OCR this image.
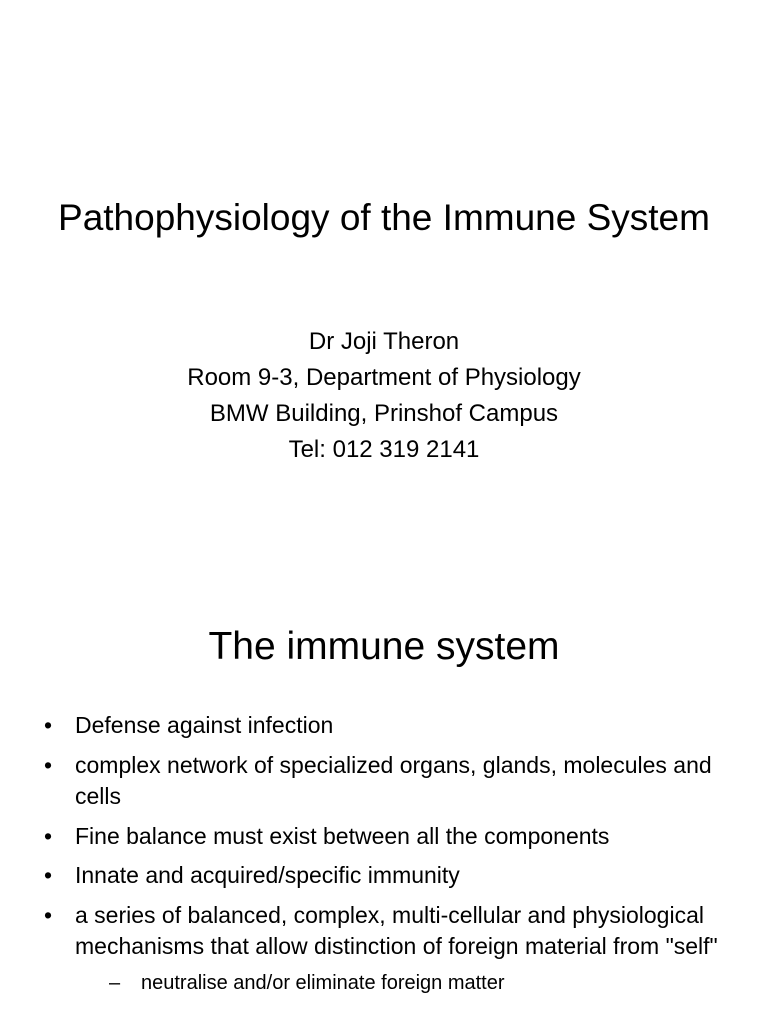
Pathophysiology of the Immune System
Dr Joji Theron
Room 9-3, Department of Physiology
BMW Building, Prinshof Campus
Tel: 012 319 2141
The immune system
• Defense against infection
• complex network of specialized organs, glands, molecules and cells
• Fine balance must exist between all the components
• Innate and acquired/specific immunity
• a series of balanced, complex, multi-cellular and physiological mechanisms that allow distinction of foreign material from "self"
– neutralise and/or eliminate foreign matter
